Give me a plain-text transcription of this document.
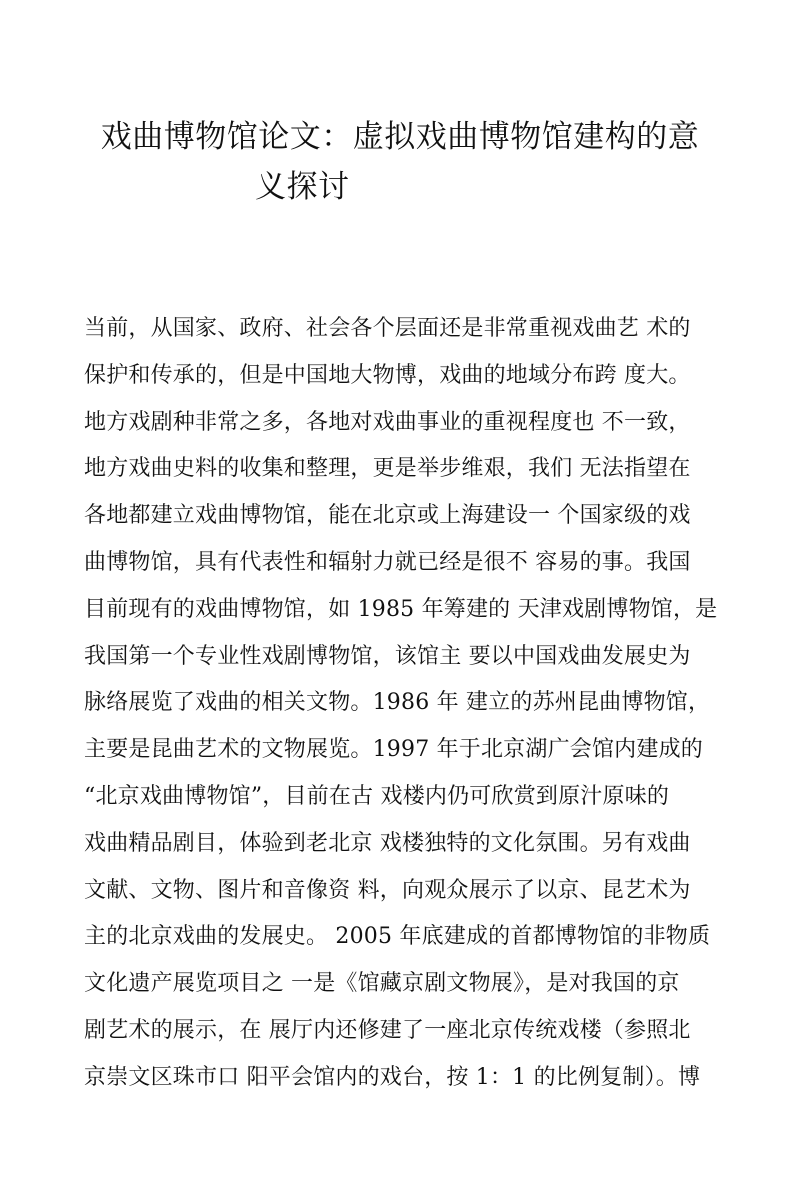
戏曲博物馆论文：虚拟戏曲博物馆建构的意
义探讨
当前，从国家、政府、社会各个层面还是非常重视戏曲艺 术的
保护和传承的，但是中国地大物博，戏曲的地域分布跨 度大。
地方戏剧种非常之多，各地对戏曲事业的重视程度也 不一致，
地方戏曲史料的收集和整理，更是举步维艰，我们 无法指望在
各地都建立戏曲博物馆，能在北京或上海建设一 个国家级的戏
曲博物馆，具有代表性和辐射力就已经是很不 容易的事。我国
目前现有的戏曲博物馆，如 1985 年筹建的 天津戏剧博物馆，是
我国第一个专业性戏剧博物馆，该馆主 要以中国戏曲发展史为
脉络展览了戏曲的相关文物。1986 年 建立的苏州昆曲博物馆，
主要是昆曲艺术的文物展览。1997 年于北京湖广会馆内建成的
“北京戏曲博物馆”，目前在古 戏楼内仍可欣赏到原汁原味的
戏曲精品剧目，体验到老北京 戏楼独特的文化氛围。另有戏曲
文献、文物、图片和音像资 料，向观众展示了以京、昆艺术为
主的北京戏曲的发展史。 2005 年底建成的首都博物馆的非物质
文化遗产展览项目之 一是《馆藏京剧文物展》，是对我国的京
剧艺术的展示，在 展厅内还修建了一座北京传统戏楼（参照北
京崇文区珠市口 阳平会馆内的戏台，按 1：1 的比例复制）。博
